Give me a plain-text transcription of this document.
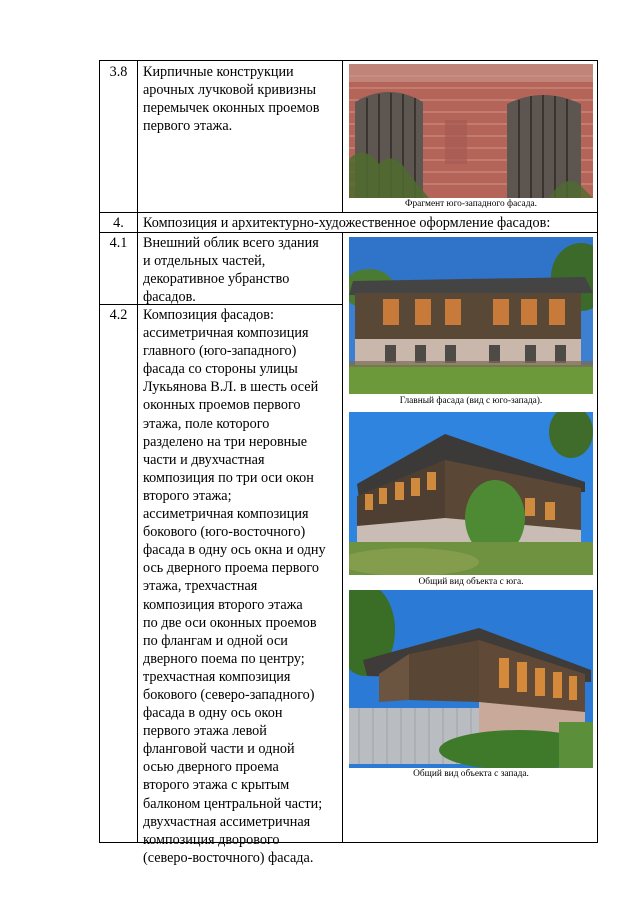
3.8	Кирпичные конструкции
арочных лучковой кривизны
перемычек оконных проемов
первого этажа.
Фрагмент юго-западного фасада.
4.	Композиция и архитектурно-художественное оформление фасадов:
4.1	Внешний облик всего здания
и отдельных частей,
декоративное убранство
фасадов.
4.2	Композиция фасадов:
ассиметричная композиция
главного (юго-западного)
фасада со стороны улицы
Лукьянова В.Л. в шесть осей
оконных проемов первого
этажа, поле которого
разделено на три неровные
части и двухчастная
композиция по три оси окон
второго этажа;
ассиметричная композиция
бокового (юго-восточного)
фасада в одну ось окна и одну
ось дверного проема первого
этажа, трехчастная
композиция второго этажа
по две оси оконных проемов
по флангам и одной оси
дверного поема по центру;
трехчастная композиция
бокового (северо-западного)
фасада в одну ось окон
первого этажа левой
фланговой части и одной
осью дверного проема
второго этажа с крытым
балконом центральной части;
двухчастная ассиметричная
композиция дворового
(северо-восточного) фасада.
Главный фасада (вид с юго-запада).
Общий вид объекта с юга.
Общий вид объекта с запада.
